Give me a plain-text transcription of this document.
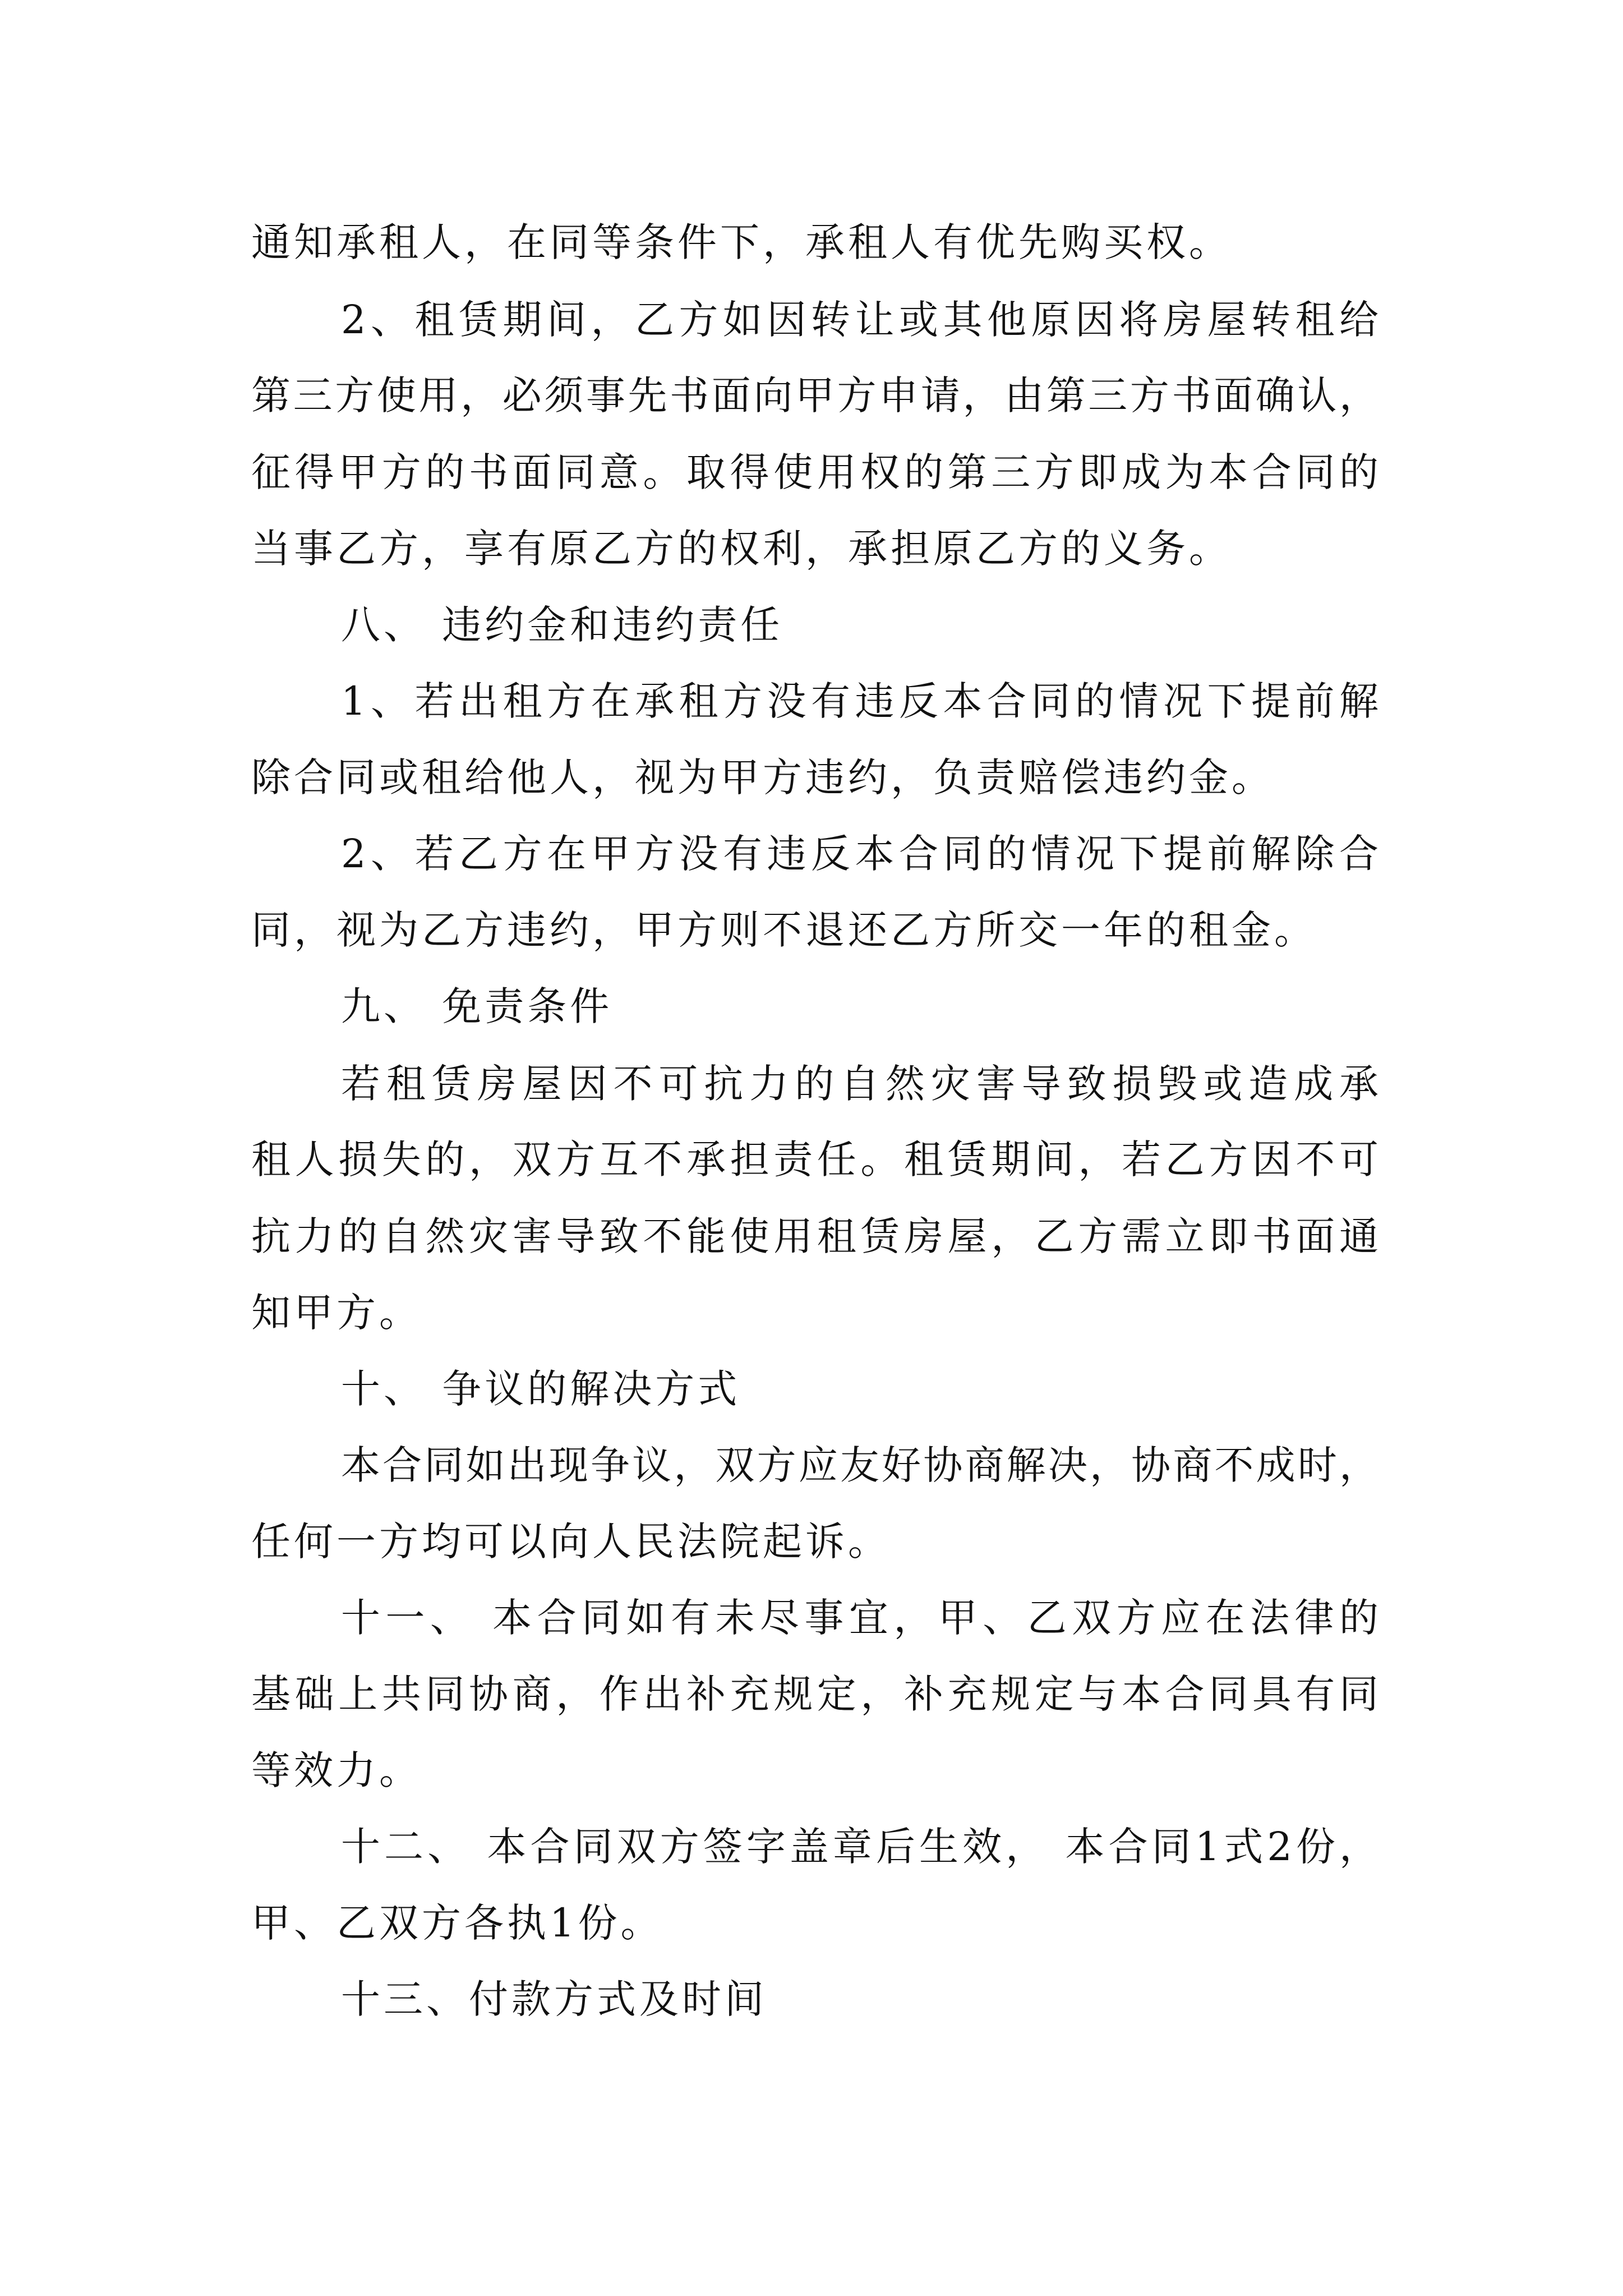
通知承租人，在同等条件下，承租人有优先购买权。
2、租赁期间，乙方如因转让或其他原因将房屋转租给
第三方使用，必须事先书面向甲方申请，由第三方书面确认，
征得甲方的书面同意。取得使用权的第三方即成为本合同的
当事乙方，享有原乙方的权利，承担原乙方的义务。
八、 违约金和违约责任
1、若出租方在承租方没有违反本合同的情况下提前解
除合同或租给他人，视为甲方违约，负责赔偿违约金。
2、若乙方在甲方没有违反本合同的情况下提前解除合
同，视为乙方违约，甲方则不退还乙方所交一年的租金。
九、 免责条件
若租赁房屋因不可抗力的自然灾害导致损毁或造成承
租人损失的，双方互不承担责任。租赁期间，若乙方因不可
抗力的自然灾害导致不能使用租赁房屋，乙方需立即书面通
知甲方。
十、 争议的解决方式
本合同如出现争议，双方应友好协商解决，协商不成时，
任何一方均可以向人民法院起诉。
十一、 本合同如有未尽事宜，甲、乙双方应在法律的
基础上共同协商，作出补充规定，补充规定与本合同具有同
等效力。
十二、 本合同双方签字盖章后生效， 本合同1式2份，
甲、乙双方各执1份。
十三、付款方式及时间
